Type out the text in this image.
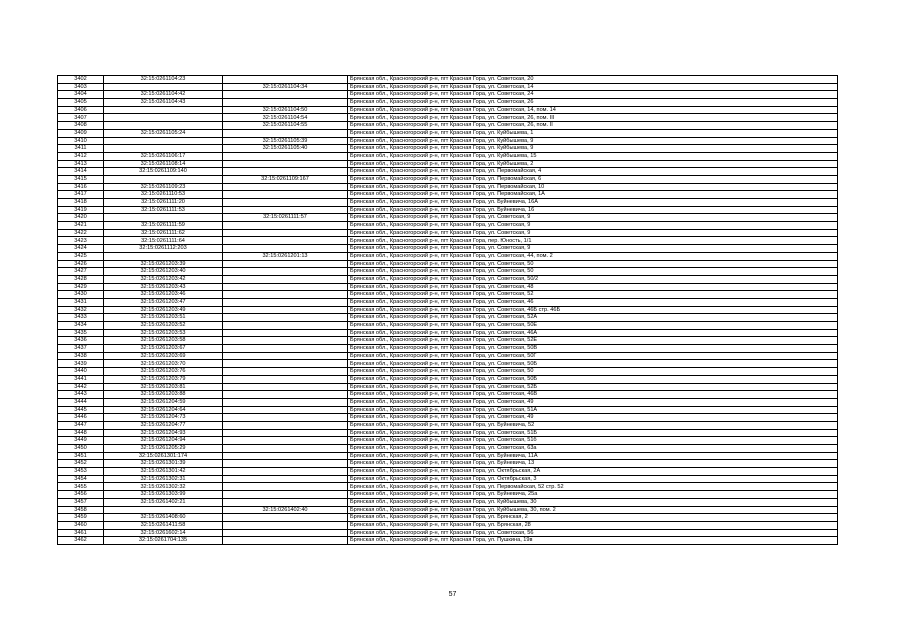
3402	32:15:0261104:23		Брянская обл., Красногорский р-н, пгт Красная Гора, ул. Советская, 20
3403		32:15:0261104:34	Брянская обл., Красногорский р-н, пгт Красная Гора, ул. Советская, 14
3404	32:15:0261104:42		Брянская обл., Красногорский р-н, пгт Красная Гора, ул. Советская, 24
3405	32:15:0261104:43		Брянская обл., Красногорский р-н, пгт Красная Гора, ул. Советская, 26
3406		32:15:0261104:50	Брянская обл., Красногорский р-н, пгт Красная Гора, ул. Советская, 14, пом. 14
3407		32:15:0261104:54	Брянская обл., Красногорский р-н, пгт Красная Гора, ул. Советская, 26, пом. III
3408		32:15:0261104:55	Брянская обл., Красногорский р-н, пгт Красная Гора, ул. Советская, 26, пом. II
3409	32:15:0261105:24		Брянская обл., Красногорский р-н, пгт Красная Гора, ул. Куйбышева, 1
3410		32:15:0261105:39	Брянская обл., Красногорский р-н, пгт Красная Гора, ул. Куйбышева, 9
3411		32:15:0261105:40	Брянская обл., Красногорский р-н, пгт Красная Гора, ул. Куйбышева, 9
3412	32:15:0261106:17		Брянская обл., Красногорский р-н, пгт Красная Гора, ул. Куйбышева, 15
3413	32:15:0261108:14		Брянская обл., Красногорский р-н, пгт Красная Гора, ул. Куйбышева, 2
3414	32:15:0261109:140		Брянская обл., Красногорский р-н, пгт Красная Гора, ул. Первомайская, 4
3415		32:15:0261109:167	Брянская обл., Красногорский р-н, пгт Красная Гора, ул. Первомайская, 6
3416	32:15:0261109:23		Брянская обл., Красногорский р-н, пгт Красная Гора, ул. Первомайская, 10
3417	32:15:0261110:53		Брянская обл., Красногорский р-н, пгт Красная Гора, ул. Первомайская, 1А
3418	32:15:0261111:20		Брянская обл., Красногорский р-н, пгт Красная Гора, ул. Буйневича, 16А
3419	32:15:0261111:53		Брянская обл., Красногорский р-н, пгт Красная Гора, ул. Буйневича, 16
3420		32:15:0261111:57	Брянская обл., Красногорский р-н, пгт Красная Гора, ул. Советская, 9
3421	32:15:0261111:59		Брянская обл., Красногорский р-н, пгт Красная Гора, ул. Советская, 9
3422	32:15:0261111:62		Брянская обл., Красногорский р-н, пгт Красная Гора, ул. Советская, 9
3423	32:15:0261111:64		Брянская обл., Красногорский р-н, пгт Красная Гора, пер. Юность, 1/1
3424	32:15:0261112:203		Брянская обл., Красногорский р-н, пгт Красная Гора, ул. Советская, 9
3425		32:15:0261201:13	Брянская обл., Красногорский р-н, пгт Красная Гора, ул. Советская, 44, пом. 2
3426	32:15:0261203:39		Брянская обл., Красногорский р-н, пгт Красная Гора, ул. Советская, 50
3427	32:15:0261203:40		Брянская обл., Красногорский р-н, пгт Красная Гора, ул. Советская, 50
3428	32:15:0261203:42		Брянская обл., Красногорский р-н, пгт Красная Гора, ул. Советская, 50/2
3429	32:15:0261203:43		Брянская обл., Красногорский р-н, пгт Красная Гора, ул. Советская, 48
3430	32:15:0261203:46		Брянская обл., Красногорский р-н, пгт Красная Гора, ул. Советская, 52
3431	32:15:0261203:47		Брянская обл., Красногорский р-н, пгт Красная Гора, ул. Советская, 46
3432	32:15:0261203:49		Брянская обл., Красногорский р-н, пгт Красная Гора, ул. Советская, 46Б стр. 46Б
3433	32:15:0261203:51		Брянская обл., Красногорский р-н, пгт Красная Гора, ул. Советская, 52А
3434	32:15:0261203:52		Брянская обл., Красногорский р-н, пгт Красная Гора, ул. Советская, 50Е
3435	32:15:0261203:53		Брянская обл., Красногорский р-н, пгт Красная Гора, ул. Советская, 46А
3436	32:15:0261203:58		Брянская обл., Красногорский р-н, пгт Красная Гора, ул. Советская, 52Е
3437	32:15:0261203:67		Брянская обл., Красногорский р-н, пгт Красная Гора, ул. Советская, 50В
3438	32:15:0261203:69		Брянская обл., Красногорский р-н, пгт Красная Гора, ул. Советская, 50Г
3439	32:15:0261203:70		Брянская обл., Красногорский р-н, пгт Красная Гора, ул. Советская, 50Б
3440	32:15:0261203:76		Брянская обл., Красногорский р-н, пгт Красная Гора, ул. Советская, 50
3441	32:15:0261203:79		Брянская обл., Красногорский р-н, пгт Красная Гора, ул. Советская, 50Б
3442	32:15:0261203:81		Брянская обл., Красногорский р-н, пгт Красная Гора, ул. Советская, 52Б
3443	32:15:0261203:88		Брянская обл., Красногорский р-н, пгт Красная Гора, ул. Советская, 46В
3444	32:15:0261204:59		Брянская обл., Красногорский р-н, пгт Красная Гора, ул. Советская, 49
3445	32:15:0261204:64		Брянская обл., Красногорский р-н, пгт Красная Гора, ул. Советская, 51А
3446	32:15:0261204:73		Брянская обл., Красногорский р-н, пгт Красная Гора, ул. Советская, 49
3447	32:15:0261204:77		Брянская обл., Красногорский р-н, пгт Красная Гора, ул. Буйневича, 52
3448	32:15:0261204:93		Брянская обл., Красногорский р-н, пгт Красная Гора, ул. Советская, 51Б
3449	32:15:0261204:94		Брянская обл., Красногорский р-н, пгт Красная Гора, ул. Советская, 51б
3450	32:15:0261205:29		Брянская обл., Красногорский р-н, пгт Красная Гора, ул. Советская, 63а
3451	32:15:0261301:174		Брянская обл., Красногорский р-н, пгт Красная Гора, ул. Буйневича, 11А
3452	32:15:0261301:39		Брянская обл., Красногорский р-н, пгт Красная Гора, ул. Буйневича, 13
3453	32:15:0261301:42		Брянская обл., Красногорский р-н, пгт Красная Гора, ул. Октябрьская, 2А
3454	32:15:0261302:31		Брянская обл., Красногорский р-н, пгт Красная Гора, ул. Октябрьская, 3
3455	32:15:0261302:32		Брянская обл., Красногорский р-н, пгт Красная Гора, ул. Первомайская, 52 стр. 52
3456	32:15:0261303:99		Брянская обл., Красногорский р-н, пгт Красная Гора, ул. Буйневича, 25а
3457	32:15:0261402:21		Брянская обл., Красногорский р-н, пгт Красная Гора, ул. Куйбышева, 30
3458		32:15:0261402:40	Брянская обл., Красногорский р-н, пгт Красная Гора, ул. Куйбышева, 30, пом. 2
3459	32:15:0261408:60		Брянская обл., Красногорский р-н, пгт Красная Гора, ул. Брянская, 2
3460	32:15:0261411:58		Брянская обл., Красногорский р-н, пгт Красная Гора, ул. Брянская, 28
3461	32:15:0261602:14		Брянская обл., Красногорский р-н, пгт Красная Гора, ул. Советская, 56
3462	32:15:0261704:135		Брянская обл., Красногорский р-н, пгт Красная Гора, ул. Пушкина, 19в
57
